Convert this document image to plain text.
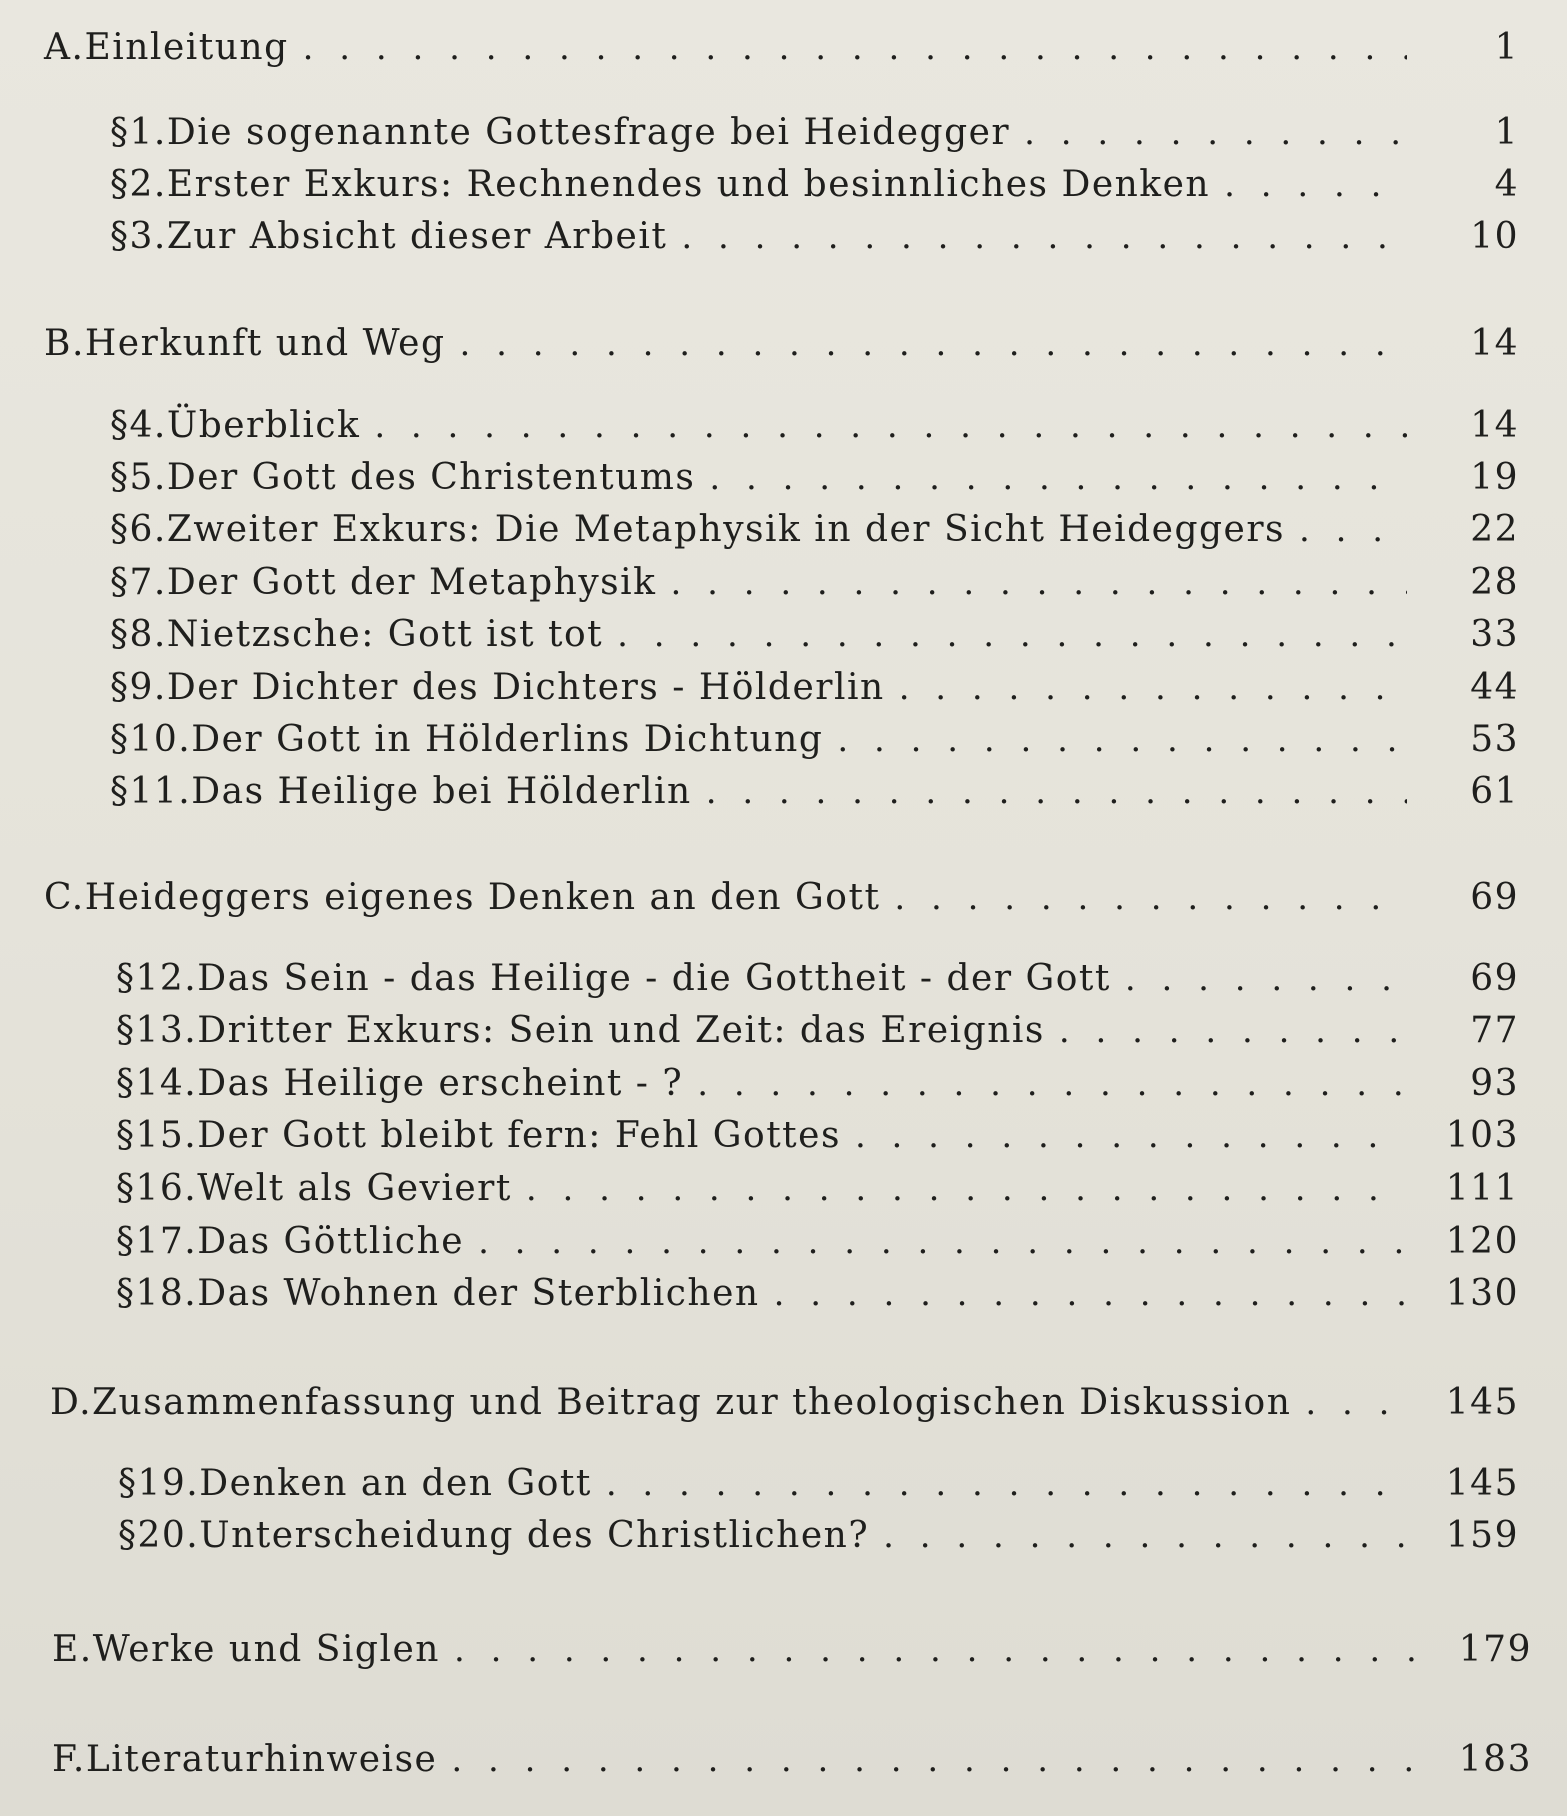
A. Einleitung . . .	1
§ 1. Die sogenannte Gottesfrage bei Heidegger . . .	1
§ 2. Erster Exkurs: Rechnendes und besinnliches Denken . . .	4
§ 3. Zur Absicht dieser Arbeit . . .	10
B. Herkunft und Weg . . .	14
§ 4. Überblick . . .	14
§ 5. Der Gott des Christentums . . .	19
§ 6. Zweiter Exkurs: Die Metaphysik in der Sicht Heideggers . . .	22
§ 7. Der Gott der Metaphysik . . .	28
§ 8. Nietzsche: Gott ist tot . . .	33
§ 9. Der Dichter des Dichters - Hölderlin . . .	44
§ 10. Der Gott in Hölderlins Dichtung . . .	53
§ 11. Das Heilige bei Hölderlin . . .	61
C. Heideggers eigenes Denken an den Gott . . .	69
§ 12. Das Sein - das Heilige - die Gottheit - der Gott . . .	69
§ 13. Dritter Exkurs: Sein und Zeit: das Ereignis . . .	77
§ 14. Das Heilige erscheint - ? . . .	93
§ 15. Der Gott bleibt fern: Fehl Gottes . . .	103
§ 16. Welt als Geviert . . .	111
§ 17. Das Göttliche . . .	120
§ 18. Das Wohnen der Sterblichen . . .	130
D. Zusammenfassung und Beitrag zur theologischen Diskussion . . .	145
§ 19. Denken an den Gott . . .	145
§ 20. Unterscheidung des Christlichen? . . .	159
E. Werke und Siglen . . .	179
F. Literaturhinweise . . .	183
